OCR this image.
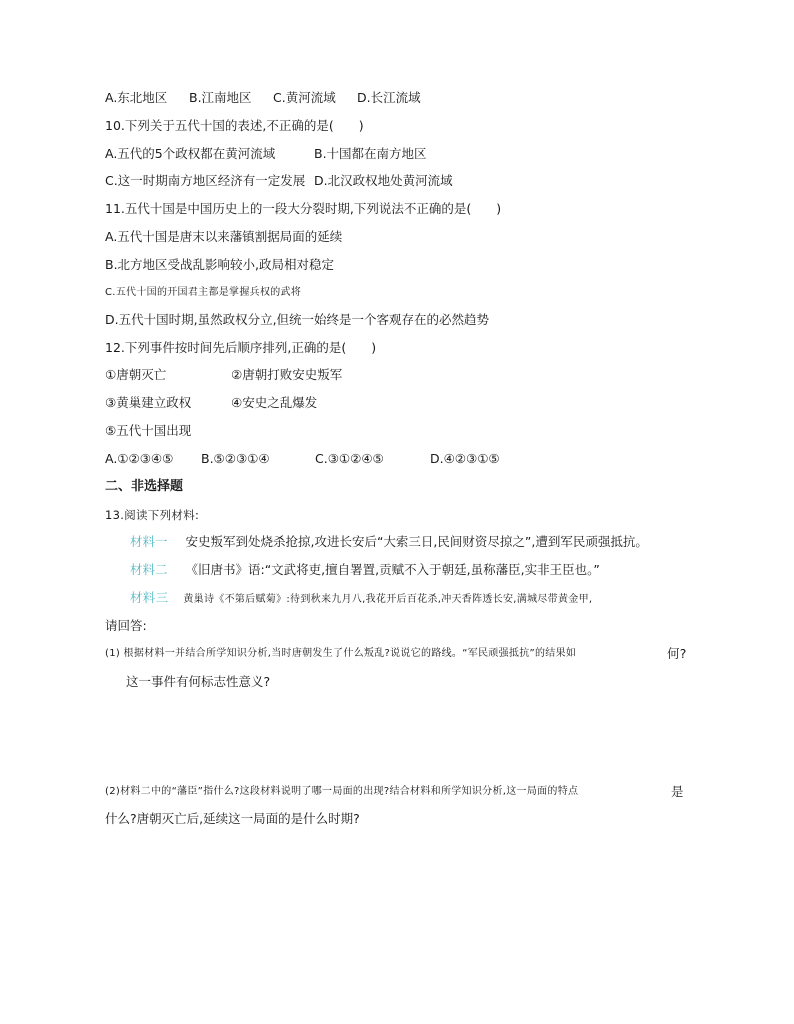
A.东北地区 B.江南地区 C.黄河流域 D.长江流域
10.下列关于五代十国的表述,不正确的是(　　)
A.五代的5个政权都在黄河流域	B.十国都在南方地区
C.这一时期南方地区经济有一定发展 D.北汉政权地处黄河流域
11.五代十国是中国历史上的一段大分裂时期,下列说法不正确的是(　　)
A.五代十国是唐末以来藩镇割据局面的延续
B.北方地区受战乱影响较小,政局相对稳定
C.五代十国的开国君主都是掌握兵权的武将
D.五代十国时期,虽然政权分立,但统一始终是一个客观存在的必然趋势
12.下列事件按时间先后顺序排列,正确的是(　　)
①唐朝灭亡	②唐朝打败安史叛军
③黄巢建立政权	④安史之乱爆发
⑤五代十国出现
A.①②③④⑤ B.⑤②③①④	C.③①②④⑤	D.④②③①⑤
二、非选择题
13.阅读下列材料:
材料一 安史叛军到处烧杀抢掠,攻进长安后“大索三日,民间财资尽掠之”,遭到军民顽强抵抗。
材料二 《旧唐书》语:“文武将吏,擅自署置,贡赋不入于朝廷,虽称藩臣,实非王臣也。”
材料三 黄巢诗《不第后赋菊》:待到秋来九月八,我花开后百花杀,冲天香阵透长安,满城尽带黄金甲,
请回答:
(1) 根据材料一并结合所学知识分析,当时唐朝发生了什么叛乱?说说它的路线。“军民顽强抵抗”的结果如	何?
这一事件有何标志性意义?
(2)材料二中的“藩臣”指什么?这段材料说明了哪一局面的出现?结合材料和所学知识分析,这一局面的特点	是
什么?唐朝灭亡后,延续这一局面的是什么时期?
